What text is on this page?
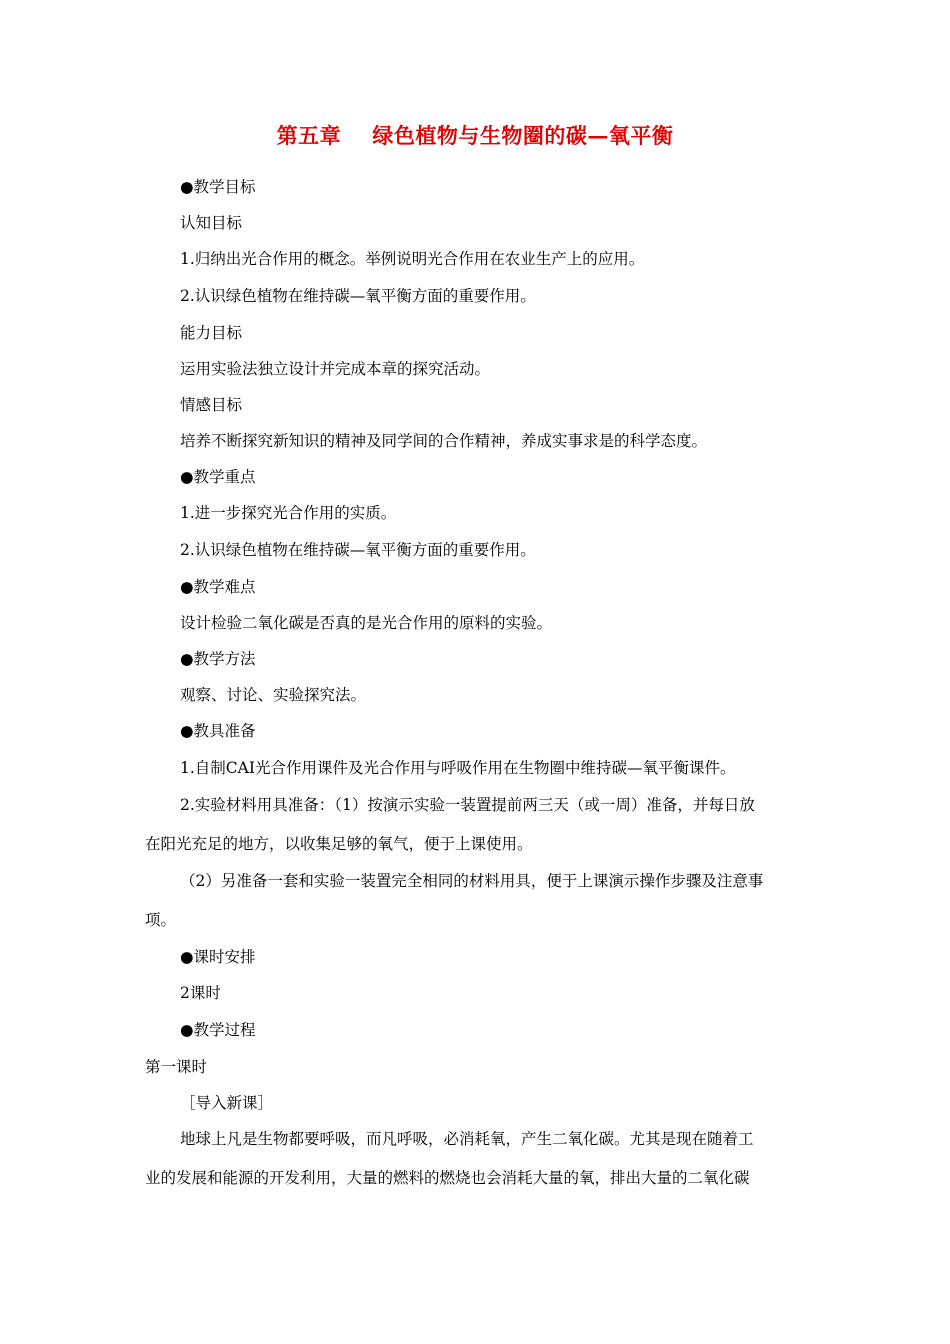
第五章    绿色植物与生物圈的碳—氧平衡
●教学目标
认知目标
1.归纳出光合作用的概念。举例说明光合作用在农业生产上的应用。
2.认识绿色植物在维持碳—氧平衡方面的重要作用。
能力目标
运用实验法独立设计并完成本章的探究活动。
情感目标
培养不断探究新知识的精神及同学间的合作精神，养成实事求是的科学态度。
●教学重点
1.进一步探究光合作用的实质。
2.认识绿色植物在维持碳—氧平衡方面的重要作用。
●教学难点
设计检验二氧化碳是否真的是光合作用的原料的实验。
●教学方法
观察、讨论、实验探究法。
●教具准备
1.自制CAI光合作用课件及光合作用与呼吸作用在生物圈中维持碳—氧平衡课件。
2.实验材料用具准备：（1）按演示实验一装置提前两三天（或一周）准备，并每日放
在阳光充足的地方，以收集足够的氧气，便于上课使用。
（2）另准备一套和实验一装置完全相同的材料用具，便于上课演示操作步骤及注意事
项。
●课时安排
2课时
●教学过程
第一课时
［导入新课］
地球上凡是生物都要呼吸，而凡呼吸，必消耗氧，产生二氧化碳。尤其是现在随着工
业的发展和能源的开发利用，大量的燃料的燃烧也会消耗大量的氧，排出大量的二氧化碳
